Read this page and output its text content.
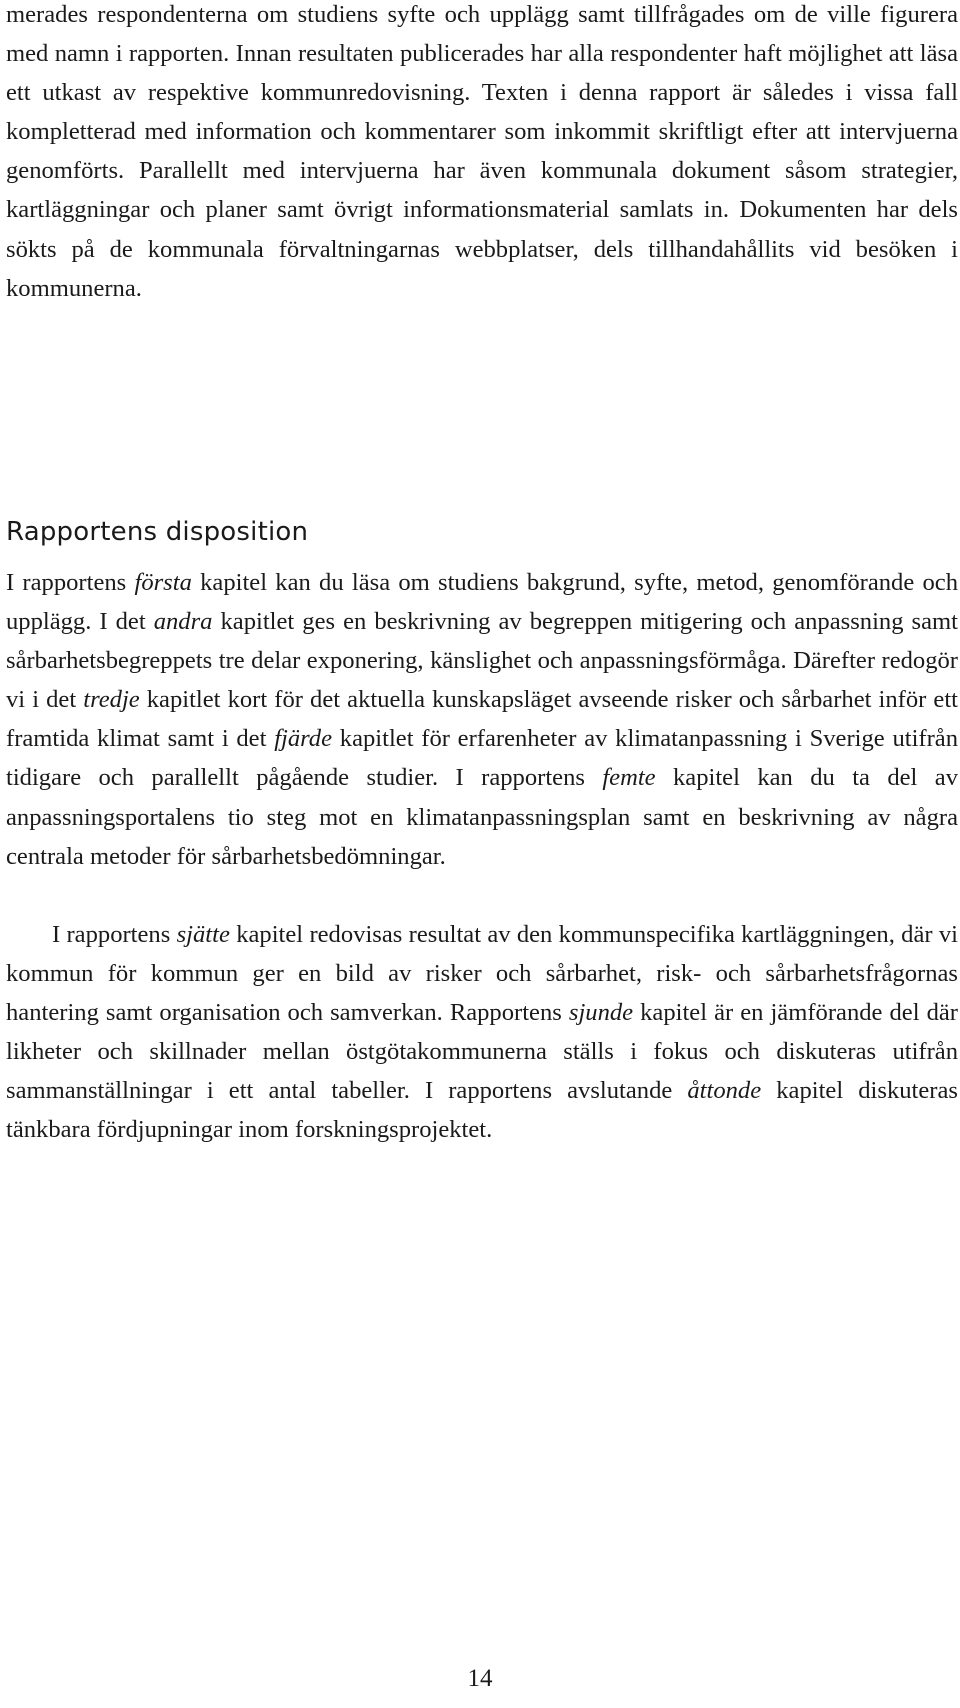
merades respondenterna om studiens syfte och upplägg samt tillfrågades om de ville figurera med namn i rapporten. Innan resultaten publicerades har alla respondenter haft möjlighet att läsa ett utkast av respektive kommunredovisning. Texten i denna rapport är således i vissa fall kompletterad med information och kommentarer som inkommit skriftligt efter att intervjuerna genomförts. Parallellt med intervjuerna har även kommunala dokument såsom strategier, kartläggningar och planer samt övrigt informationsmaterial samlats in. Dokumenten har dels sökts på de kommunala förvaltningarnas webbplatser, dels tillhandahållits vid besöken i kommunerna.

Rapportens disposition

I rapportens första kapitel kan du läsa om studiens bakgrund, syfte, metod, genomförande och upplägg. I det andra kapitlet ges en beskrivning av begreppen mitigering och anpassning samt sårbarhetsbegreppets tre delar exponering, känslighet och anpassningsförmåga. Därefter redogör vi i det tredje kapitlet kort för det aktuella kunskapsläget avseende risker och sårbarhet inför ett framtida klimat samt i det fjärde kapitlet för erfarenheter av klimatanpassning i Sverige utifrån tidigare och parallellt pågående studier. I rapportens femte kapitel kan du ta del av anpassningsportalens tio steg mot en klimatanpassningsplan samt en beskrivning av några centrala metoder för sårbarhetsbedömningar.

I rapportens sjätte kapitel redovisas resultat av den kommunspecifika kartläggningen, där vi kommun för kommun ger en bild av risker och sårbarhet, risk- och sårbarhetsfrågornas hantering samt organisation och samverkan. Rapportens sjunde kapitel är en jämförande del där likheter och skillnader mellan östgötakommunerna ställs i fokus och diskuteras utifrån sammanställningar i ett antal tabeller. I rapportens avslutande åttonde kapitel diskuteras tänkbara fördjupningar inom forskningsprojektet.

14
